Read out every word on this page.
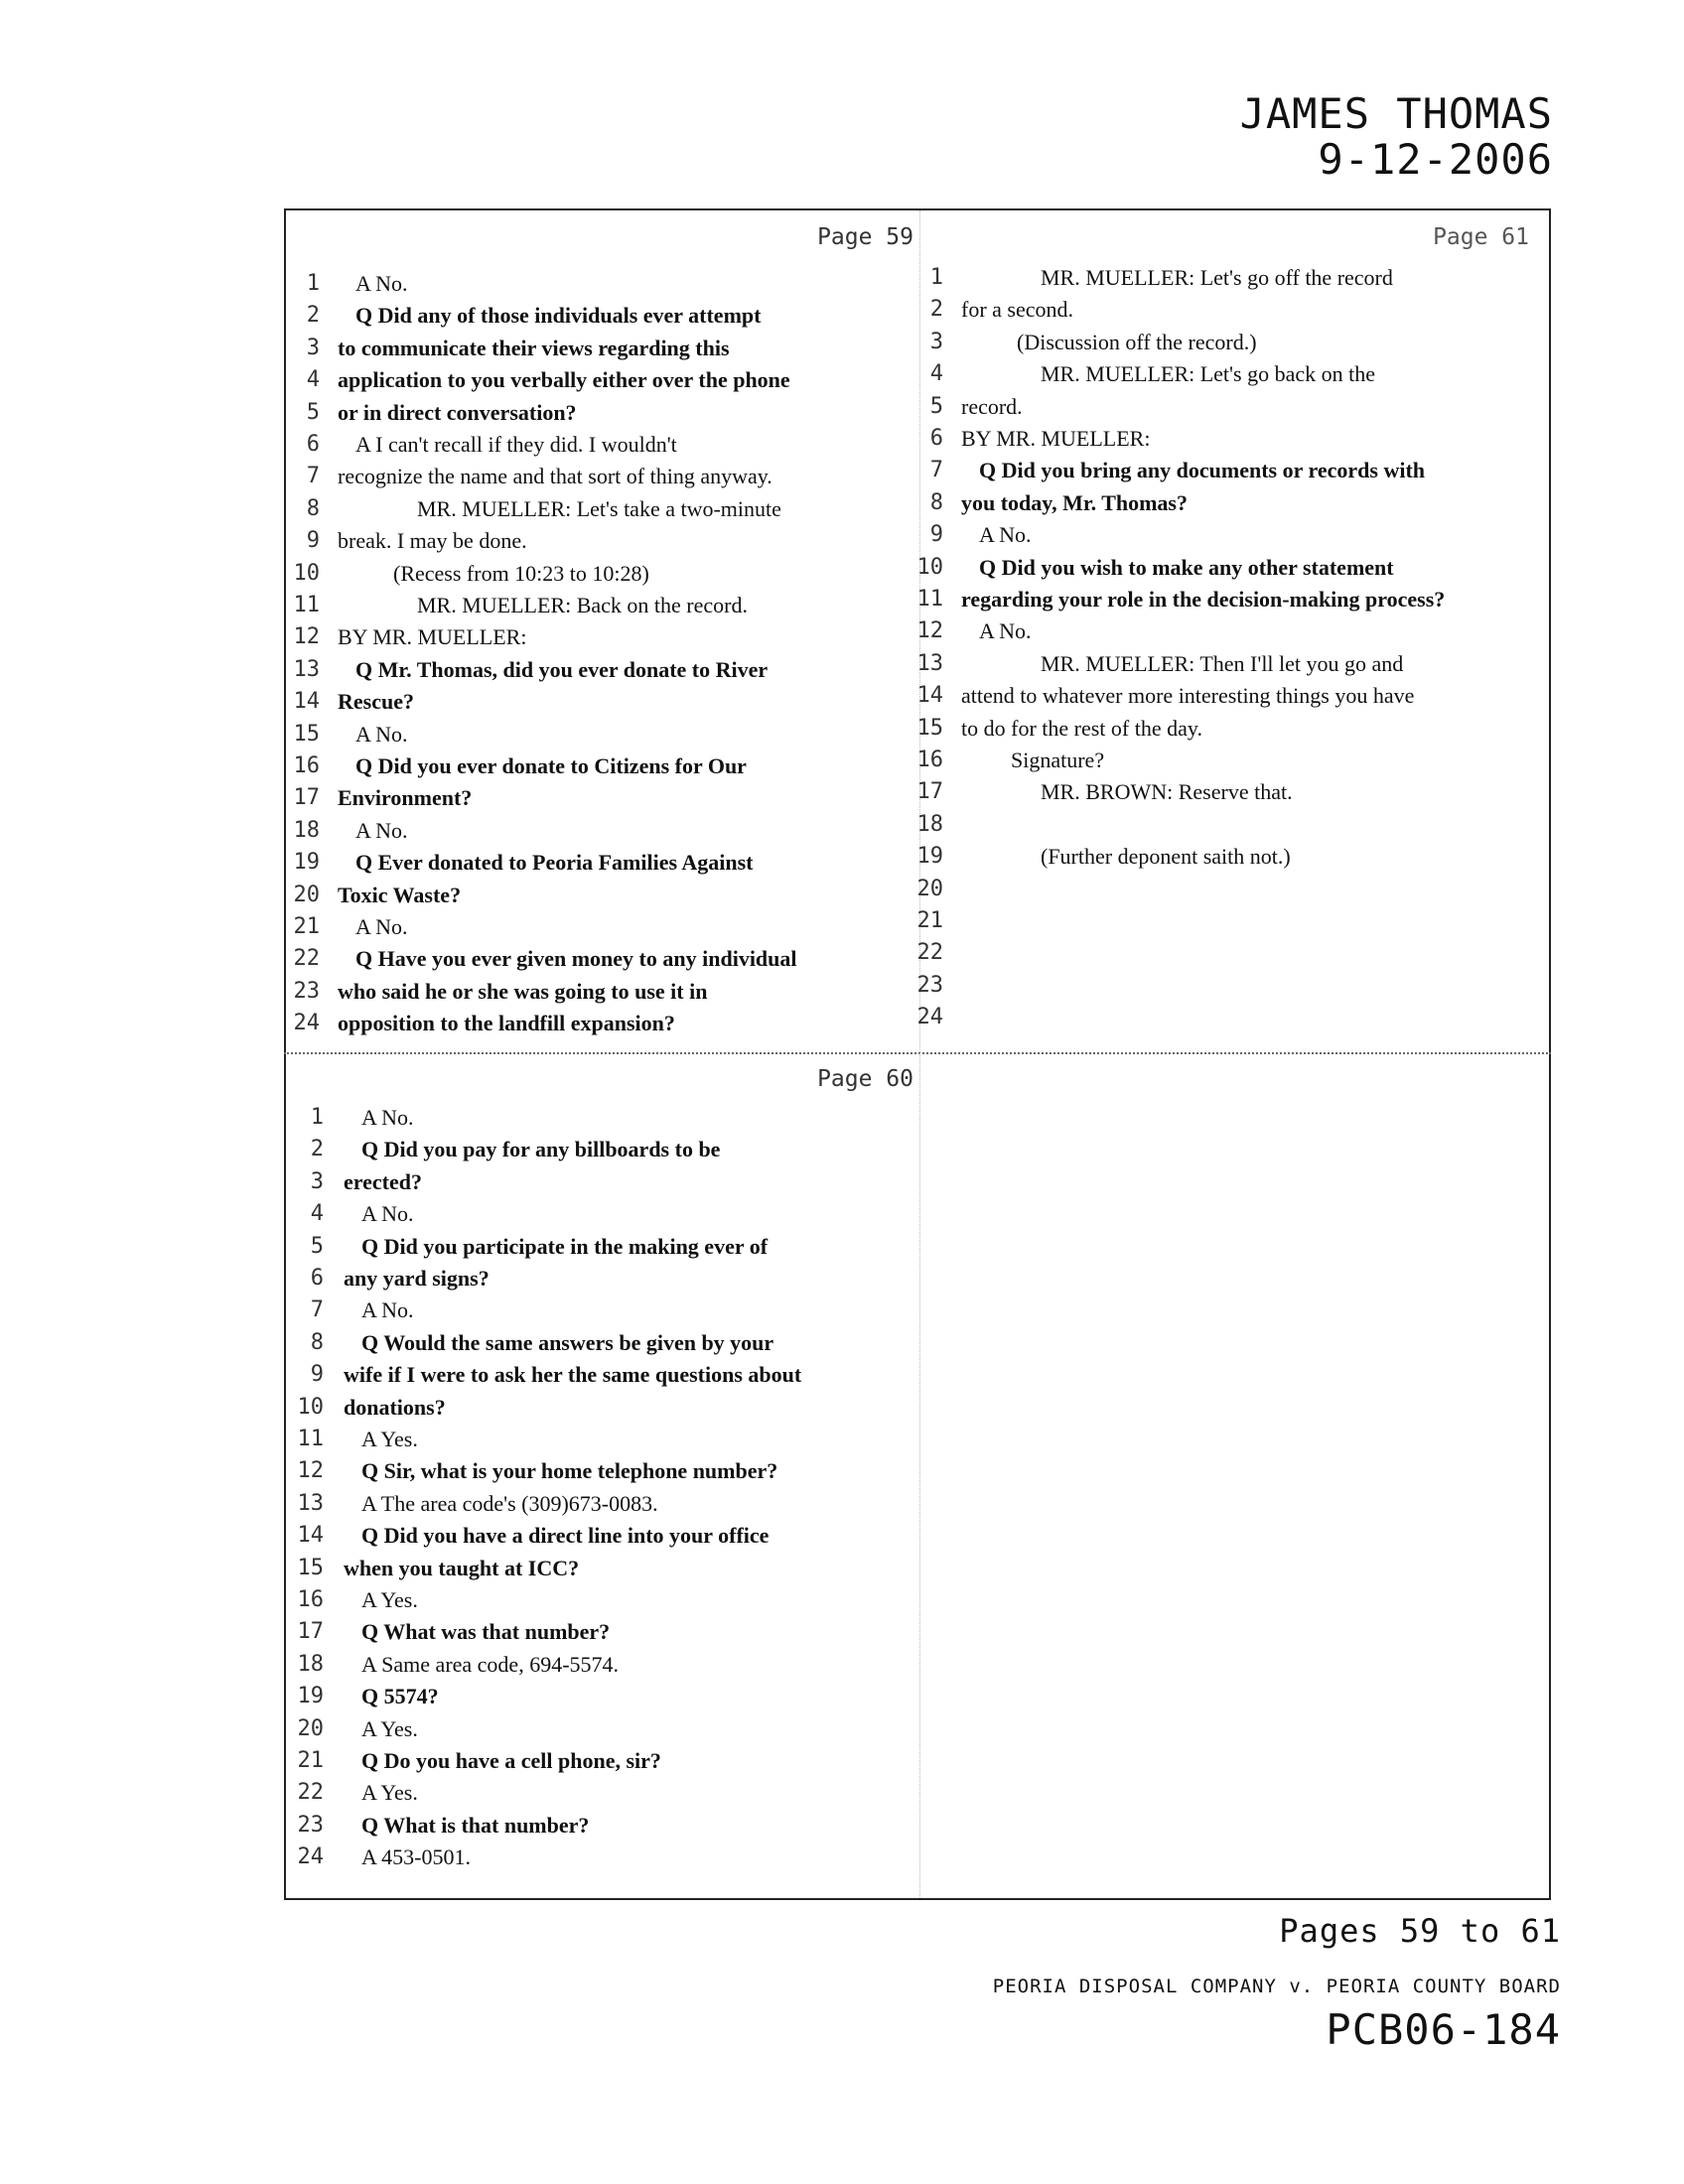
JAMES THOMAS
9-12-2006
Page 59	Page 61
Page 60
1 A No.
2 Q Did any of those individuals ever attempt
3 to communicate their views regarding this
4 application to you verbally either over the phone
5 or in direct conversation?
6 A I can't recall if they did. I wouldn't
7 recognize the name and that sort of thing anyway.
8	MR. MUELLER: Let's take a two-minute
9 break. I may be done.
10	(Recess from 10:23 to 10:28)
11	MR. MUELLER: Back on the record.
12 BY MR. MUELLER:
13 Q Mr. Thomas, did you ever donate to River
14 Rescue?
15 A No.
16 Q Did you ever donate to Citizens for Our
17 Environment?
18 A No.
19 Q Ever donated to Peoria Families Against
20 Toxic Waste?
21 A No.
22 Q Have you ever given money to any individual
23 who said he or she was going to use it in
24 opposition to the landfill expansion?
1	MR. MUELLER: Let's go off the record
2 for a second.
3	(Discussion off the record.)
4	MR. MUELLER: Let's go back on the
5 record.
6 BY MR. MUELLER:
7 Q Did you bring any documents or records with
8 you today, Mr. Thomas?
9 A No.
10 Q Did you wish to make any other statement
11 regarding your role in the decision-making process?
12 A No.
13	MR. MUELLER: Then I'll let you go and
14 attend to whatever more interesting things you have
15 to do for the rest of the day.
16	Signature?
17	MR. BROWN: Reserve that.
18
19	(Further deponent saith not.)
20
21
22
23
24
1 A No.
2 Q Did you pay for any billboards to be
3 erected?
4 A No.
5 Q Did you participate in the making ever of
6 any yard signs?
7 A No.
8 Q Would the same answers be given by your
9 wife if I were to ask her the same questions about
10 donations?
11 A Yes.
12 Q Sir, what is your home telephone number?
13 A The area code's (309)673-0083.
14 Q Did you have a direct line into your office
15 when you taught at ICC?
16 A Yes.
17 Q What was that number?
18 A Same area code, 694-5574.
19 Q 5574?
20 A Yes.
21 Q Do you have a cell phone, sir?
22 A Yes.
23 Q What is that number?
24 A 453-0501.
Pages 59 to 61
PEORIA DISPOSAL COMPANY v. PEORIA COUNTY BOARD
PCB06-184
